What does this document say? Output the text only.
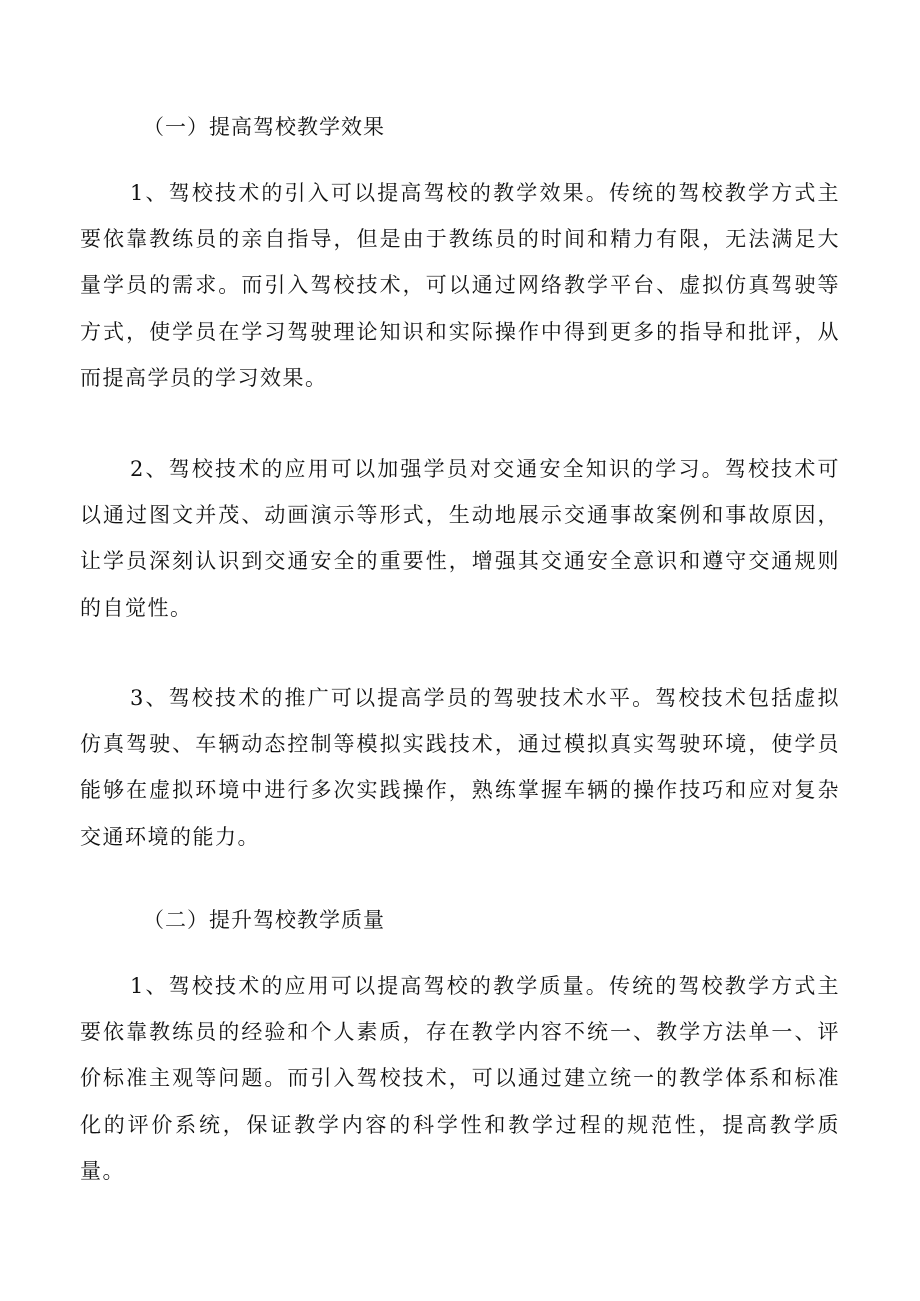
（一）提高驾校教学效果
1、驾校技术的引入可以提高驾校的教学效果。传统的驾校教学方式主要依靠教练员的亲自指导，但是由于教练员的时间和精力有限，无法满足大量学员的需求。而引入驾校技术，可以通过网络教学平台、虚拟仿真驾驶等方式，使学员在学习驾驶理论知识和实际操作中得到更多的指导和批评，从而提高学员的学习效果。
2、驾校技术的应用可以加强学员对交通安全知识的学习。驾校技术可以通过图文并茂、动画演示等形式，生动地展示交通事故案例和事故原因，让学员深刻认识到交通安全的重要性，增强其交通安全意识和遵守交通规则的自觉性。
3、驾校技术的推广可以提高学员的驾驶技术水平。驾校技术包括虚拟仿真驾驶、车辆动态控制等模拟实践技术，通过模拟真实驾驶环境，使学员能够在虚拟环境中进行多次实践操作，熟练掌握车辆的操作技巧和应对复杂交通环境的能力。
（二）提升驾校教学质量
1、驾校技术的应用可以提高驾校的教学质量。传统的驾校教学方式主要依靠教练员的经验和个人素质，存在教学内容不统一、教学方法单一、评价标准主观等问题。而引入驾校技术，可以通过建立统一的教学体系和标准化的评价系统，保证教学内容的科学性和教学过程的规范性，提高教学质量。
